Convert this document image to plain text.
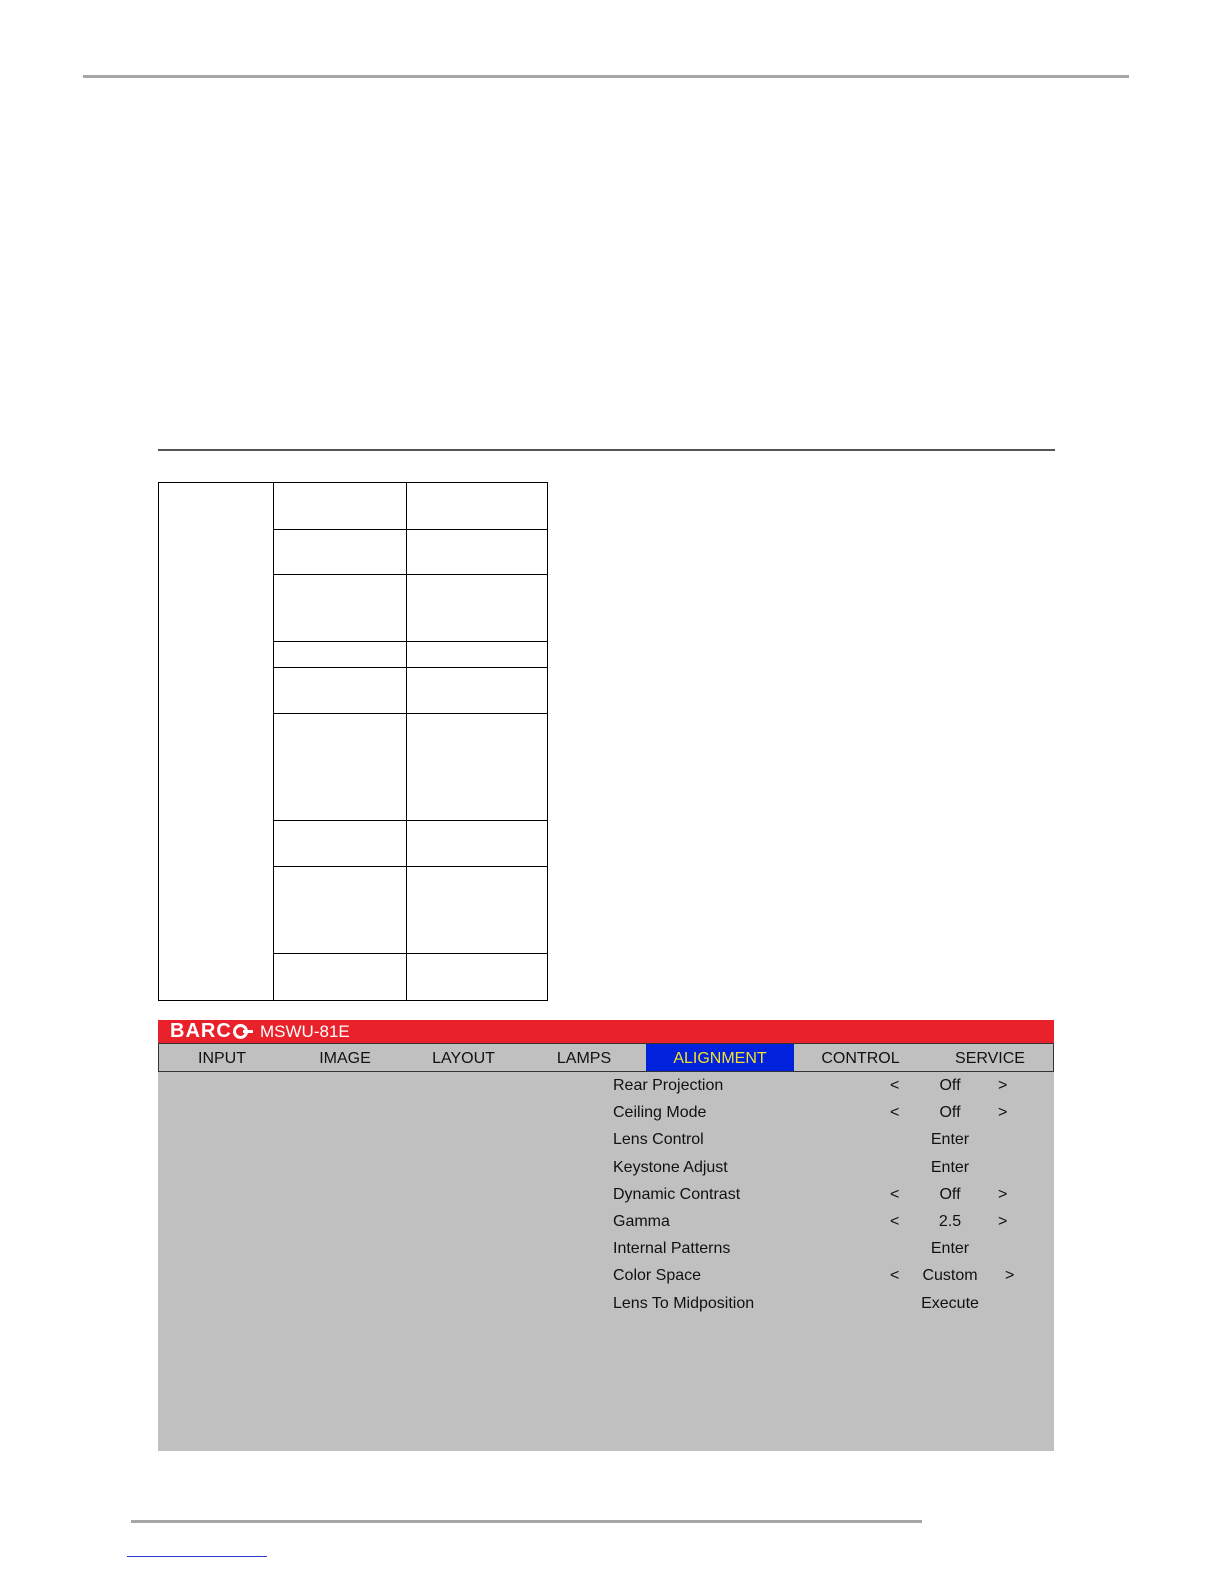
BARC MSWU-81E
INPUT	IMAGE	LAYOUT	LAMPS	ALIGNMENT	CONTROL	SERVICE
Rear Projection	<	Off	>
Ceiling Mode	<	Off	>
Lens Control	Enter
Keystone Adjust	Enter
Dynamic Contrast	<	Off	>
Gamma	<	2.5	>
Internal Patterns	Enter
Color Space	<	Custom	>
Lens To Midposition	Execute
